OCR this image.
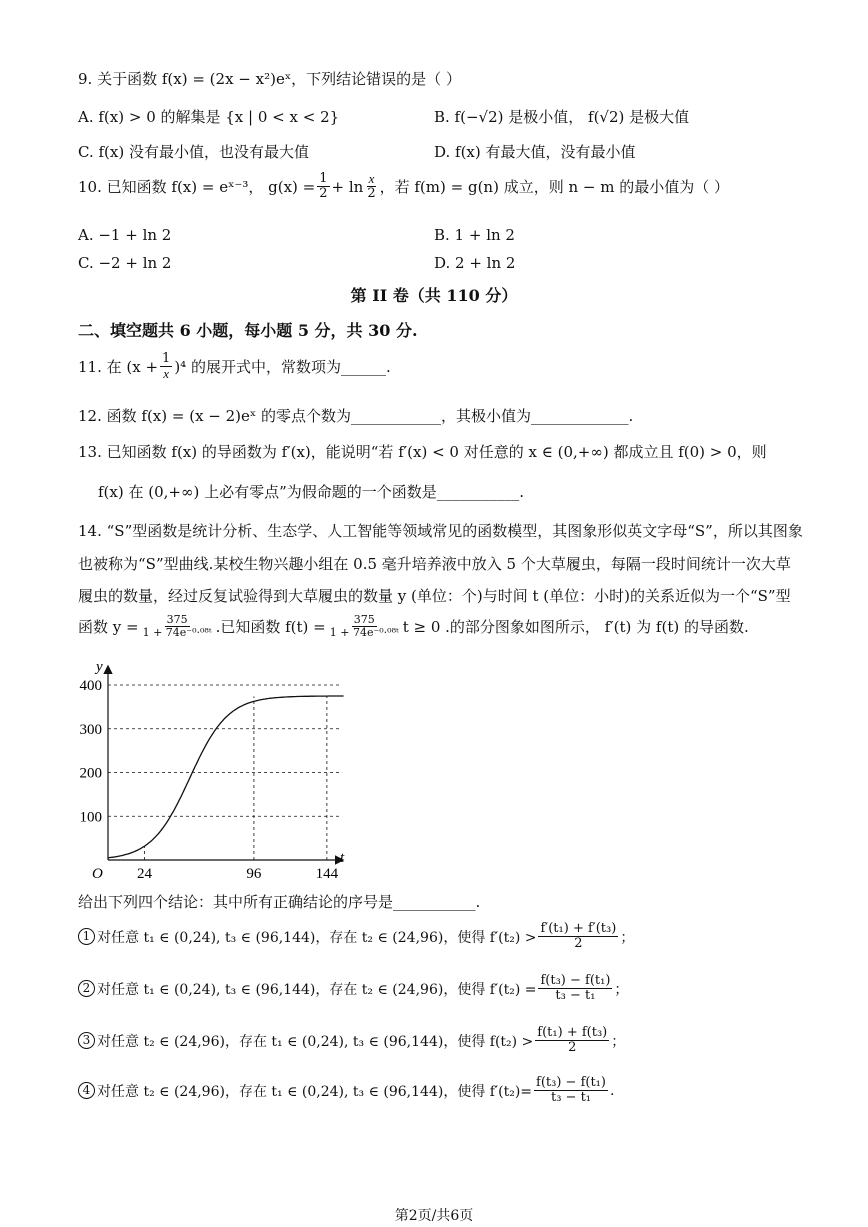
9. 关于函数 f(x) = (2x − x²)eˣ，下列结论错误的是（ ）
A. f(x) > 0 的解集是 {x | 0 < x < 2}	B. f(−√2) 是极小值， f(√2) 是极大值
C. f(x) 没有最小值，也没有最大值	D. f(x) 有最大值，没有最小值
10. 已知函数 f(x) = eˣ⁻³， $g(x) = \frac{1}{2} + \ln \frac{x}{2}$ ，若 f(m) = g(n) 成立，则 n − m 的最小值为（ ）
A. −1 + ln 2	B. 1 + ln 2
C. −2 + ln 2	D. 2 + ln 2
第 II 卷（共 110 分）
二、填空题共 6 小题，每小题 5 分，共 30 分.
11. 在 $(x + \frac{1}{x} )^4$ 的展开式中，常数项为______.
12. 函数 f(x) = (x − 2)eˣ 的零点个数为____________，其极小值为_____________.
13. 已知函数 f(x) 的导函数为 f′(x)，能说明“若 f′(x) < 0 对任意的 x ∈ (0,+∞) 都成立且 f(0) > 0，则
f(x) 在 (0,+∞) 上必有零点”为假命题的一个函数是___________.
14. “S”型函数是统计分析、生态学、人工智能等领域常见的函数模型，其图象形似英文字母“S”，所以其图象
也被称为“S”型曲线.某校生物兴趣小组在 0.5 毫升培养液中放入 5 个大草履虫，每隔一段时间统计一次大草
履虫的数量，经过反复试验得到大草履虫的数量 y (单位：个)与时间 t (单位：小时)的关系近似为一个“S”型
函数 $y = \frac{375}{\text{1 + 74e⁻⁰·⁰⁸ᵗ}}$ .已知函数 $f(t) = \frac{375}{\text{1 + 74e⁻⁰·⁰⁸ᵗ}}$ t ≥ 0 .的部分图象如图所示， f′(t) 为 f(t) 的导函数.
100
200
300
400
24	96	144
t
y
O
给出下列四个结论：其中所有正确结论的序号是___________.
1 对任意 t₁ ∈ (0,24), t₃ ∈ (96,144)，存在 t₂ ∈ (24,96)，使得 $f'(t_2) > \frac{\text{f′(t₁) + f′(t₃)}}{2}$ ；
2 对任意 t₁ ∈ (0,24), t₃ ∈ (96,144)，存在 t₂ ∈ (24,96)，使得 $f'(t_2) = \frac{\text{f(t₃) − f(t₁)}}{\text{t₃ − t₁}}$ ；
3 对任意 t₂ ∈ (24,96)，存在 t₁ ∈ (0,24), t₃ ∈ (96,144)，使得 $f(t_2) > \frac{\text{f(t₁) + f(t₃)}}{2}$ ；
4 对任意 t₂ ∈ (24,96)，存在 t₁ ∈ (0,24), t₃ ∈ (96,144)，使得 $f'(t_2)= \frac{\text{f(t₃) − f(t₁)}}{\text{t₃ − t₁}}$ .
第2页/共6页
